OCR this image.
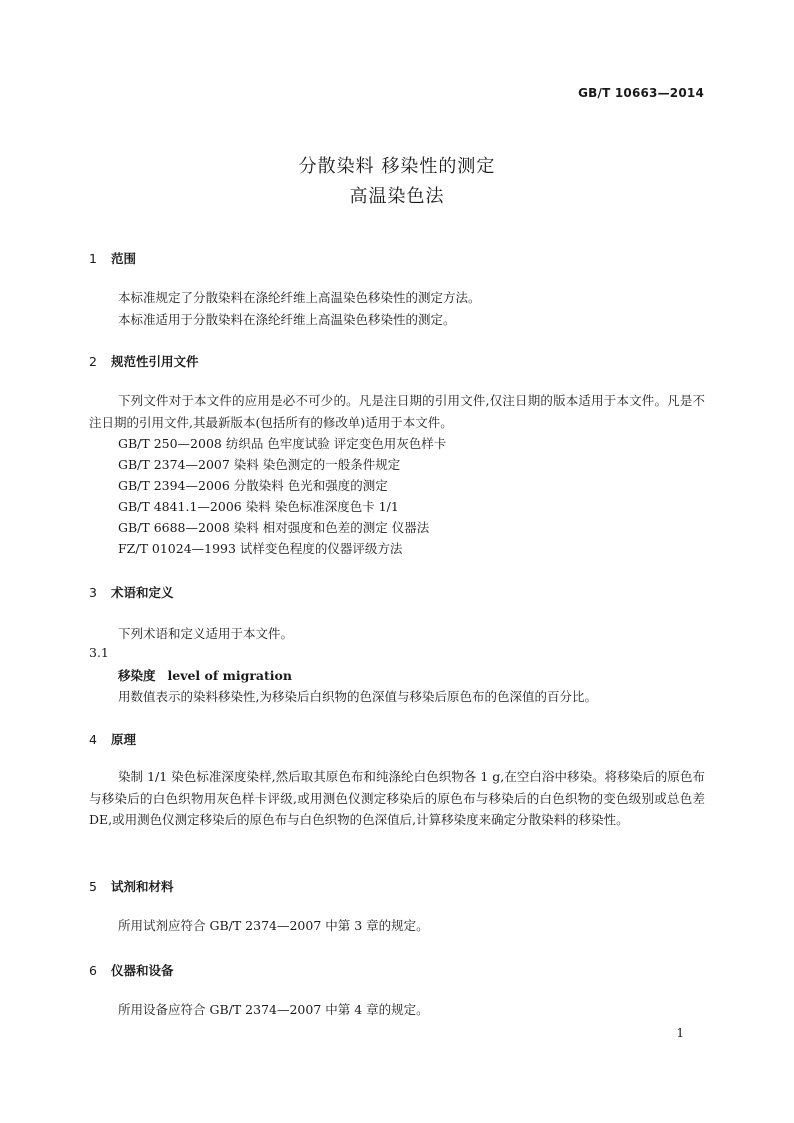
GB/T 10663—2014
分散染料 移染性的测定
高温染色法
1 范围
本标准规定了分散染料在涤纶纤维上高温染色移染性的测定方法。
本标准适用于分散染料在涤纶纤维上高温染色移染性的测定。
2 规范性引用文件
下列文件对于本文件的应用是必不可少的。凡是注日期的引用文件,仅注日期的版本适用于本文件。凡是不注日期的引用文件,其最新版本(包括所有的修改单)适用于本文件。
GB/T 250—2008 纺织品 色牢度试验 评定变色用灰色样卡
GB/T 2374—2007 染料 染色测定的一般条件规定
GB/T 2394—2006 分散染料 色光和强度的测定
GB/T 4841.1—2006 染料 染色标准深度色卡 1/1
GB/T 6688—2008 染料 相对强度和色差的测定 仪器法
FZ/T 01024—1993 试样变色程度的仪器评级方法
3 术语和定义
下列术语和定义适用于本文件。
3.1
移染度 level of migration
用数值表示的染料移染性,为移染后白织物的色深值与移染后原色布的色深值的百分比。
4 原理
染制 1/1 染色标准深度染样,然后取其原色布和纯涤纶白色织物各 1 g,在空白浴中移染。将移染后的原色布与移染后的白色织物用灰色样卡评级,或用测色仪测定移染后的原色布与移染后的白色织物的变色级别或总色差 DE,或用测色仪测定移染后的原色布与白色织物的色深值后,计算移染度来确定分散染料的移染性。
5 试剂和材料
所用试剂应符合 GB/T 2374—2007 中第 3 章的规定。
6 仪器和设备
所用设备应符合 GB/T 2374—2007 中第 4 章的规定。
1
